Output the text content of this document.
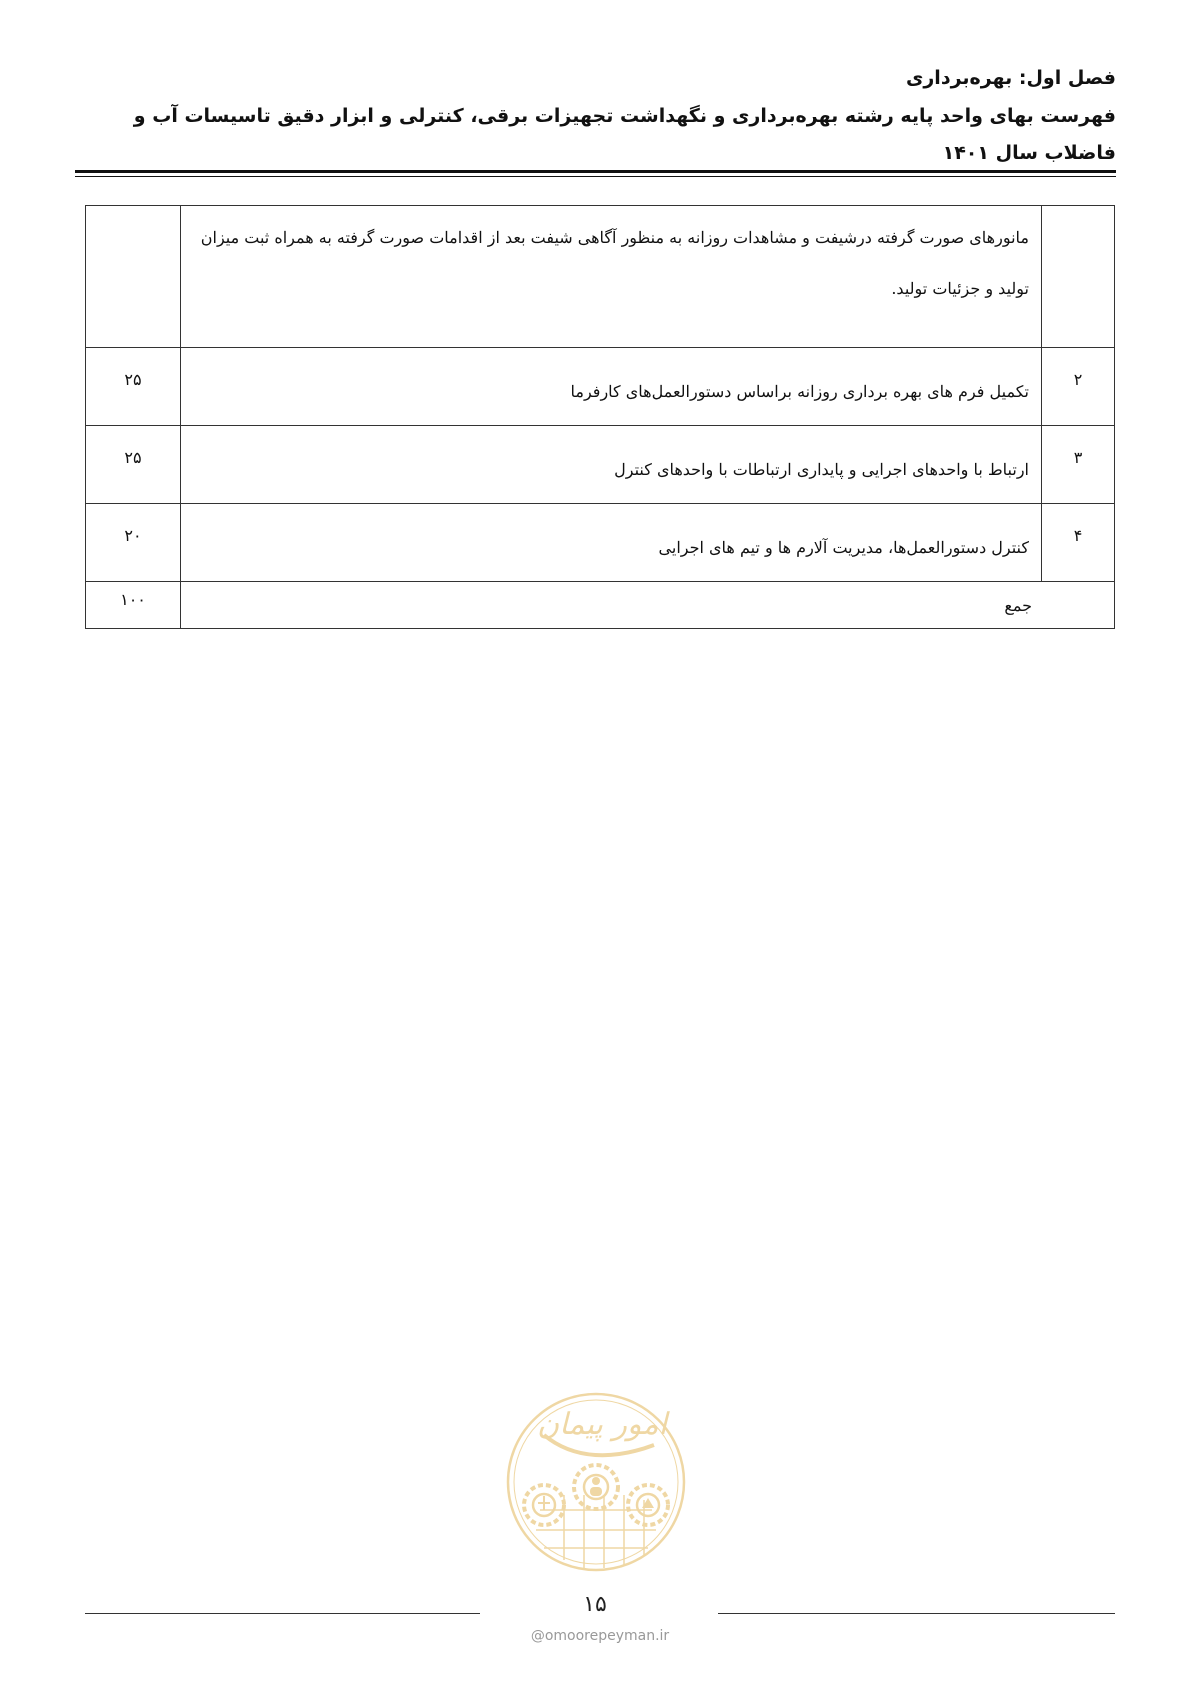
فصل اول: بهره‌برداری
فهرست بهای واحد پایه رشته بهره‌برداری و نگهداشت تجهیزات برقی، کنترلی و ابزار دقیق تاسیسات آب و فاضلاب سال ۱۴۰۱
	مانورهای صورت گرفته درشیفت و مشاهدات روزانه به منظور آگاهی شیفت بعد از اقدامات صورت گرفته به همراه ثبت میزان تولید و جزئیات تولید.	
۲	تکمیل فرم های بهره برداری روزانه براساس دستورالعمل‌های کارفرما	۲۵
۳	ارتباط با واحدهای اجرایی و پایداری ارتباطات با واحدهای کنترل	۲۵
۴	کنترل دستورالعمل‌ها، مدیریت آلارم ها و تیم های اجرایی	۲۰
جمع		۱۰۰
امور پیمان
۱۵
@omoorepeyman.ir
